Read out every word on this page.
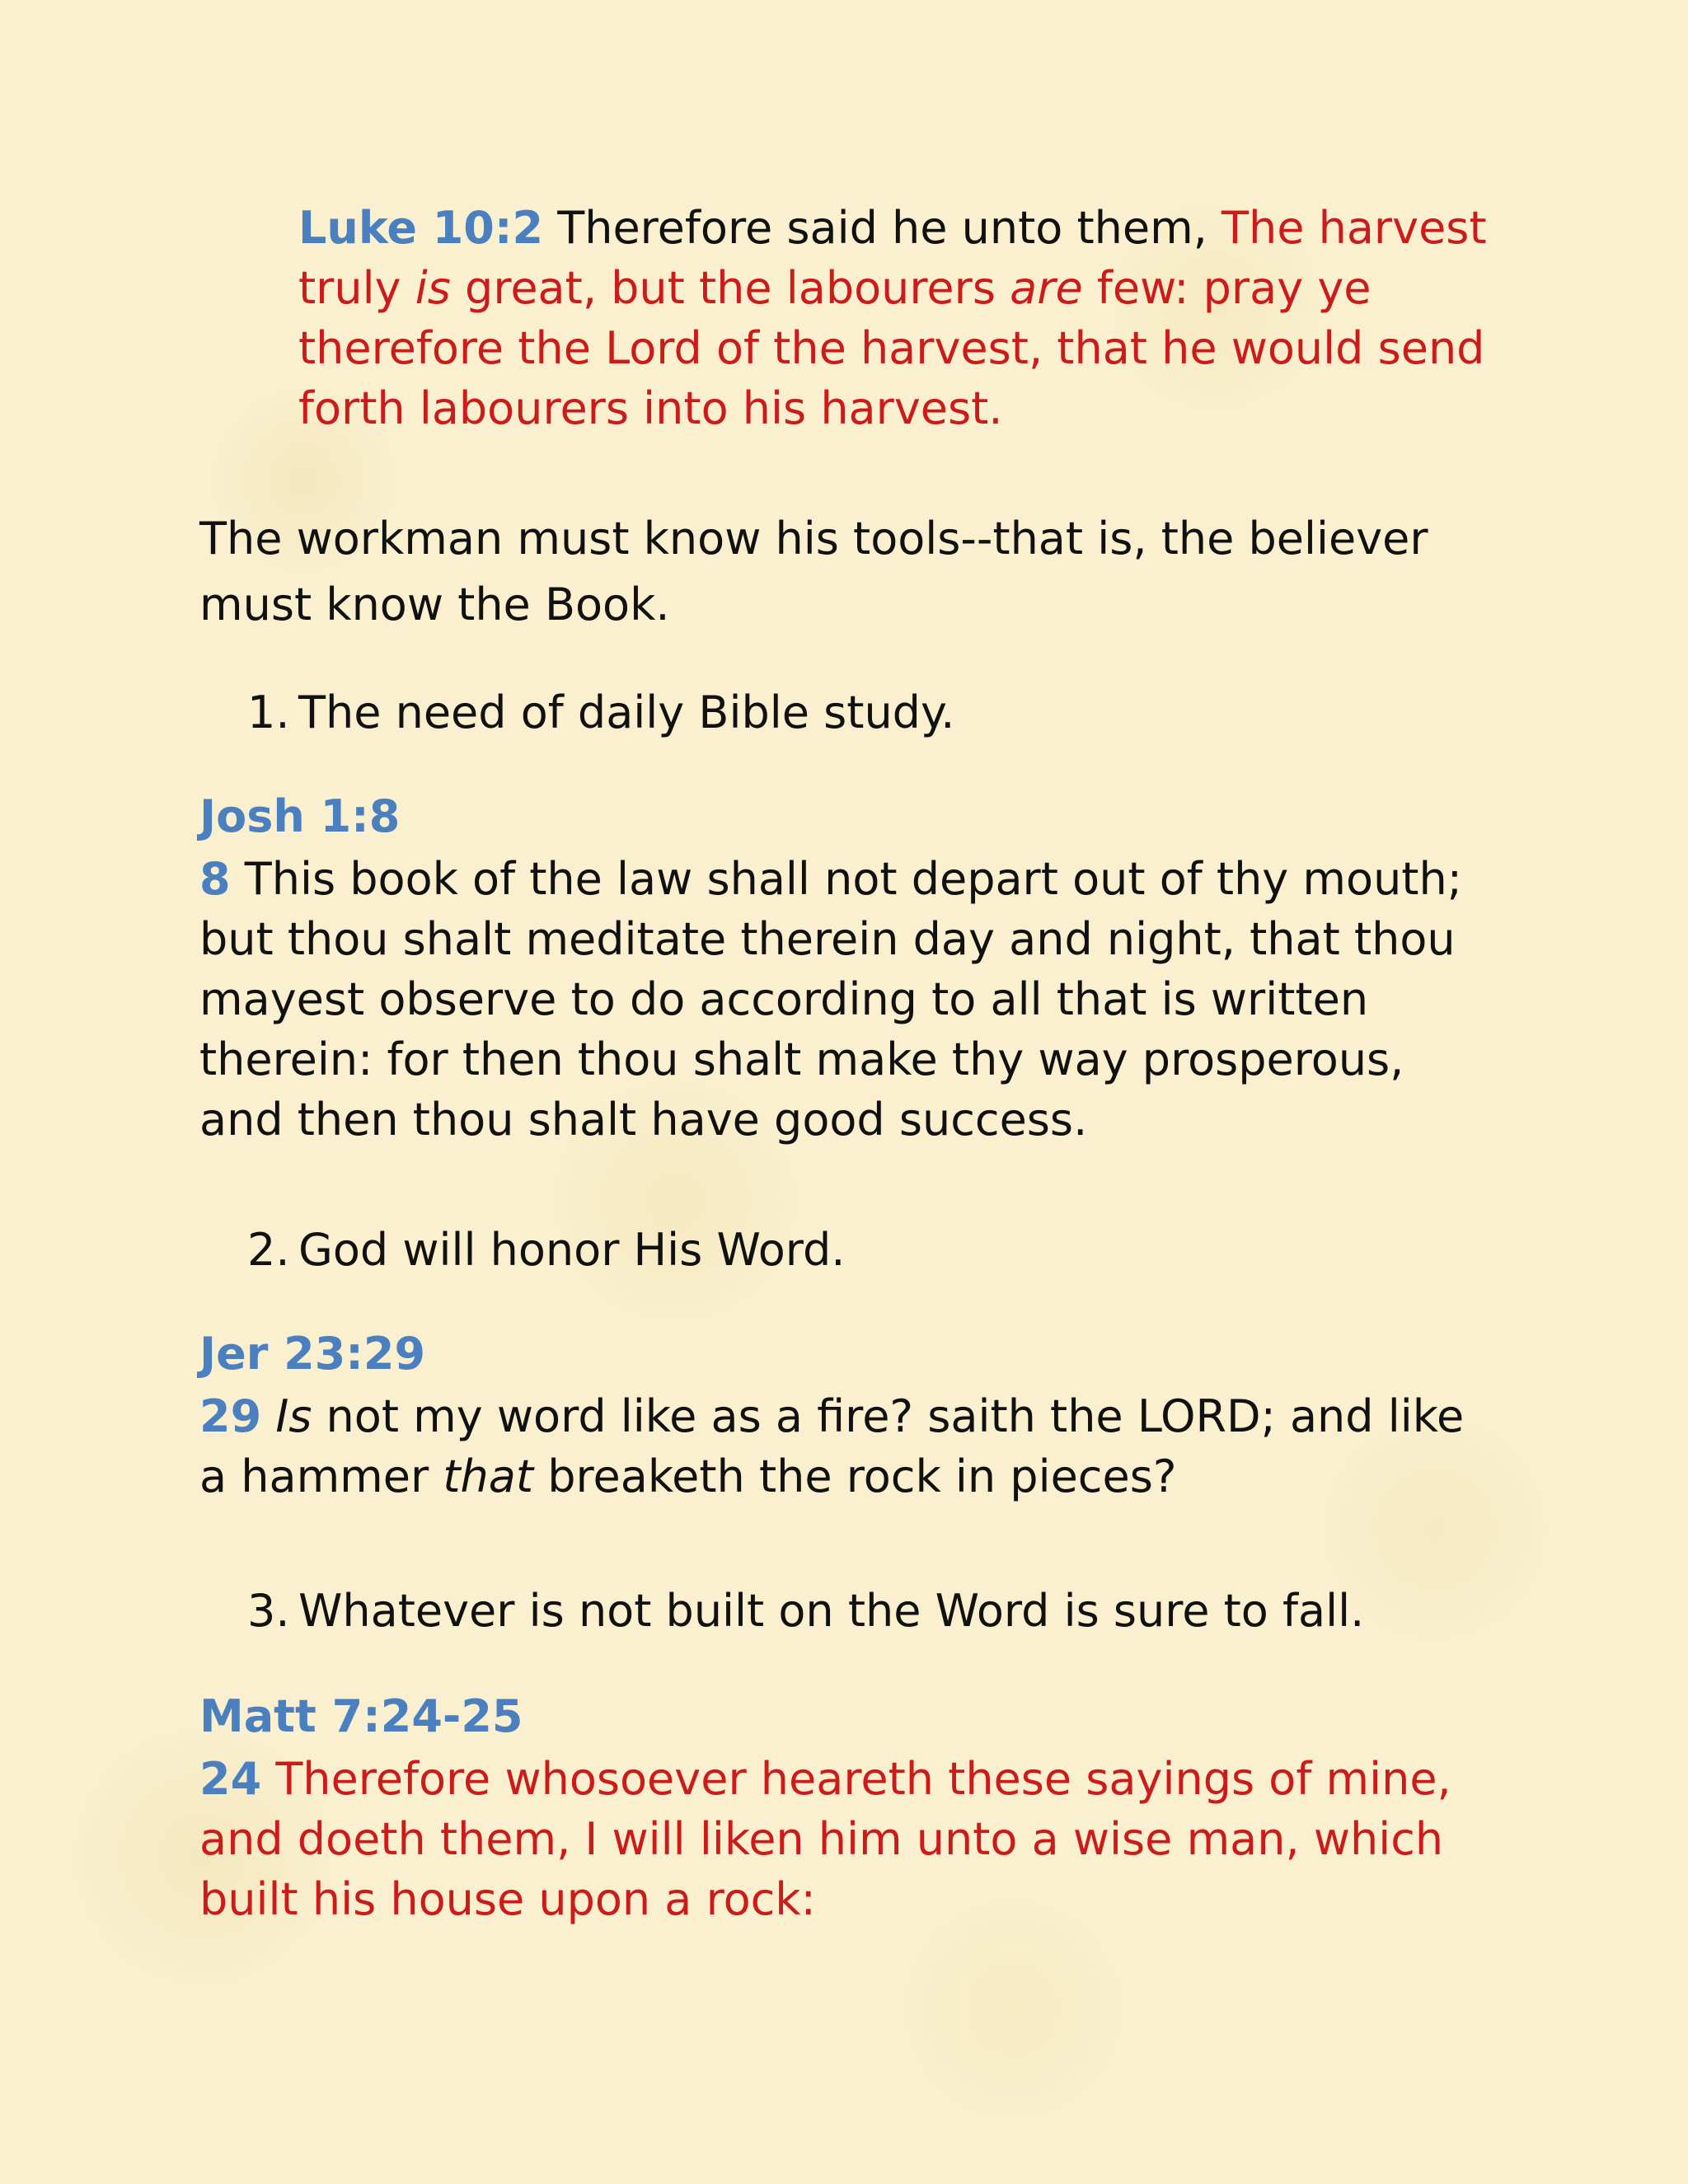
Luke 10:2 Therefore said he unto them, The harvest truly is great, but the labourers are few: pray ye therefore the Lord of the harvest, that he would send forth labourers into his harvest.

The workman must know his tools--that is, the believer must know the Book.

1. The need of daily Bible study.

Josh 1:8

8 This book of the law shall not depart out of thy mouth; but thou shalt meditate therein day and night, that thou mayest observe to do according to all that is written therein: for then thou shalt make thy way prosperous, and then thou shalt have good success.

2. God will honor His Word.

Jer 23:29

29 Is not my word like as a fire? saith the LORD; and like a hammer that breaketh the rock in pieces?

3. Whatever is not built on the Word is sure to fall.

Matt 7:24-25

24 Therefore whosoever heareth these sayings of mine, and doeth them, I will liken him unto a wise man, which built his house upon a rock:
